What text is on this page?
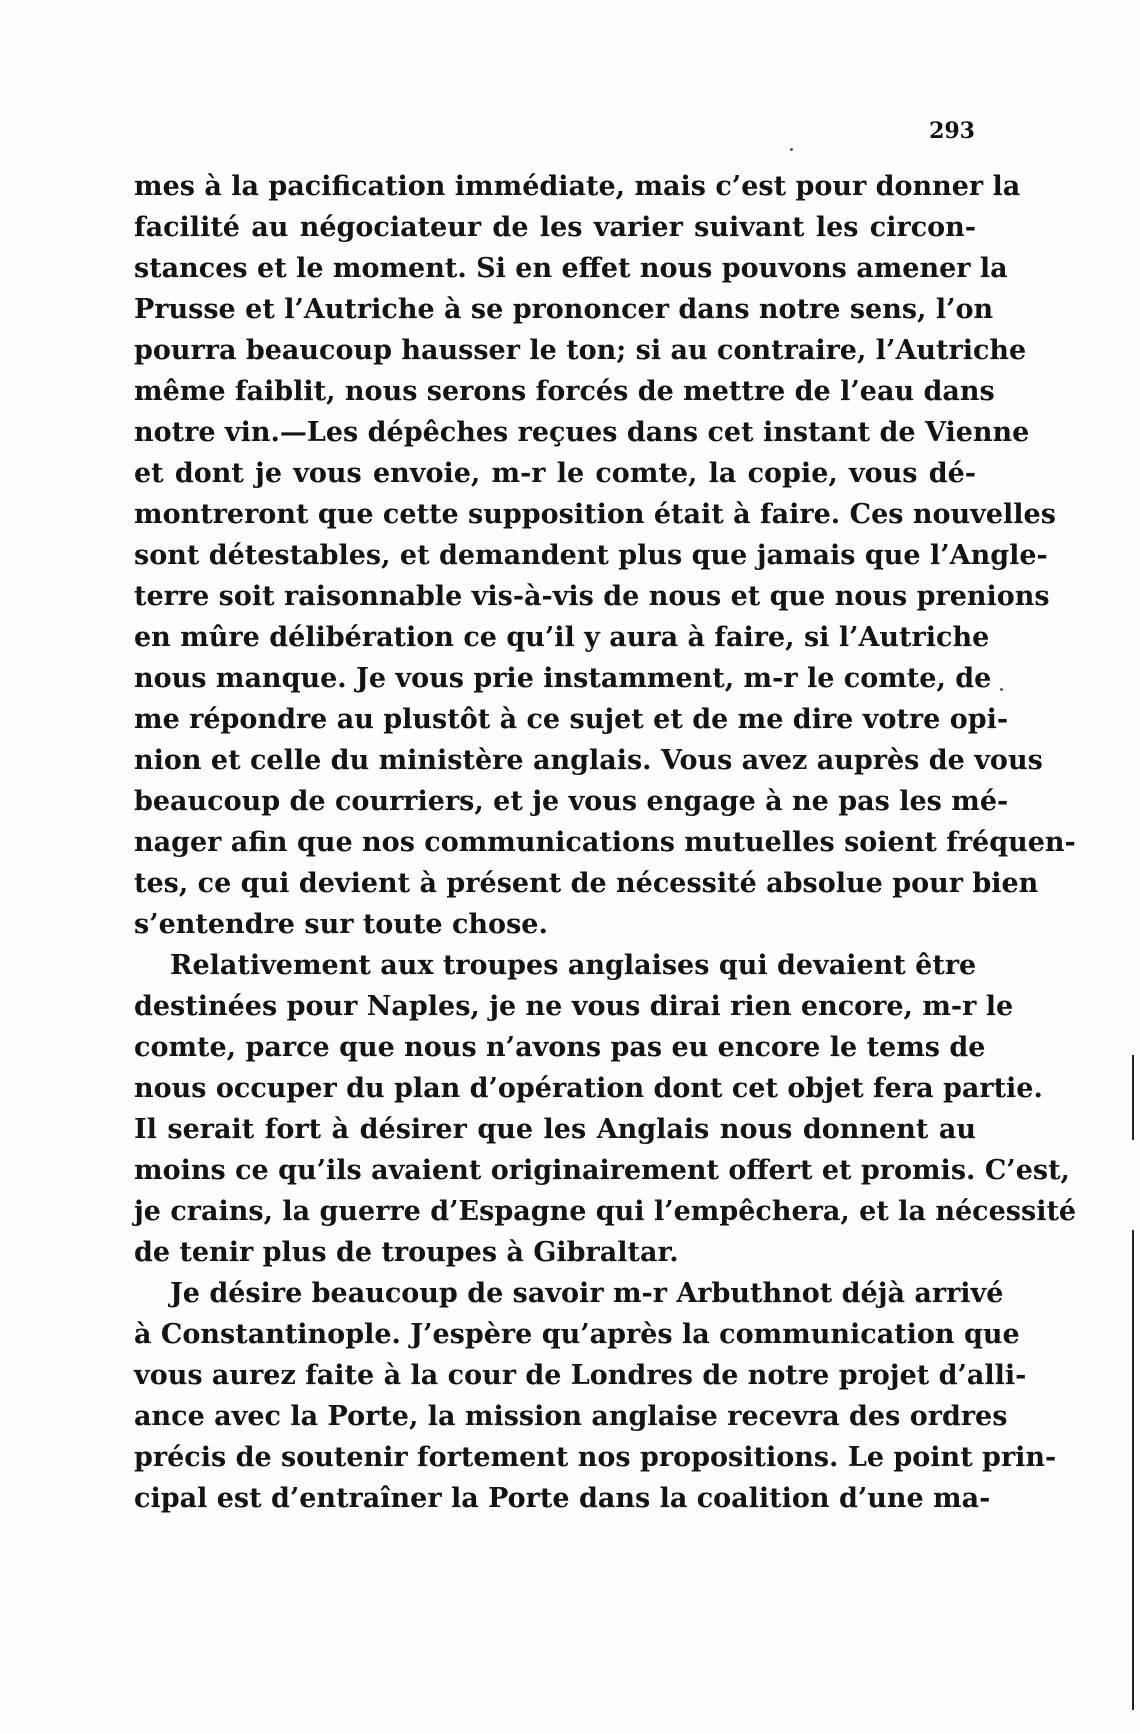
293
mes à la pacification immédiate, mais c’est pour donner la
facilité au négociateur de les varier suivant les circon-
stances et le moment. Si en effet nous pouvons amener la
Prusse et l’Autriche à se prononcer dans notre sens, l’on
pourra beaucoup hausser le ton; si au contraire, l’Autriche
même faiblit, nous serons forcés de mettre de l’eau dans
notre vin.—Les dépêches reçues dans cet instant de Vienne
et dont je vous envoie, m-r le comte, la copie, vous dé-
montreront que cette supposition était à faire. Ces nouvelles
sont détestables, et demandent plus que jamais que l’Angle-
terre soit raisonnable vis-à-vis de nous et que nous prenions
en mûre délibération ce qu’il y aura à faire, si l’Autriche
nous manque. Je vous prie instamment, m-r le comte, de
me répondre au plustôt à ce sujet et de me dire votre opi-
nion et celle du ministère anglais. Vous avez auprès de vous
beaucoup de courriers, et je vous engage à ne pas les mé-
nager afin que nos communications mutuelles soient fréquen-
tes, ce qui devient à présent de nécessité absolue pour bien
s’entendre sur toute chose.
Relativement aux troupes anglaises qui devaient être
destinées pour Naples, je ne vous dirai rien encore, m-r le
comte, parce que nous n’avons pas eu encore le tems de
nous occuper du plan d’opération dont cet objet fera partie.
Il serait fort à désirer que les Anglais nous donnent au
moins ce qu’ils avaient originairement offert et promis. C’est,
je crains, la guerre d’Espagne qui l’empêchera, et la nécessité
de tenir plus de troupes à Gibraltar.
Je désire beaucoup de savoir m-r Arbuthnot déjà arrivé
à Constantinople. J’espère qu’après la communication que
vous aurez faite à la cour de Londres de notre projet d’alli-
ance avec la Porte, la mission anglaise recevra des ordres
précis de soutenir fortement nos propositions. Le point prin-
cipal est d’entraîner la Porte dans la coalition d’une ma-
